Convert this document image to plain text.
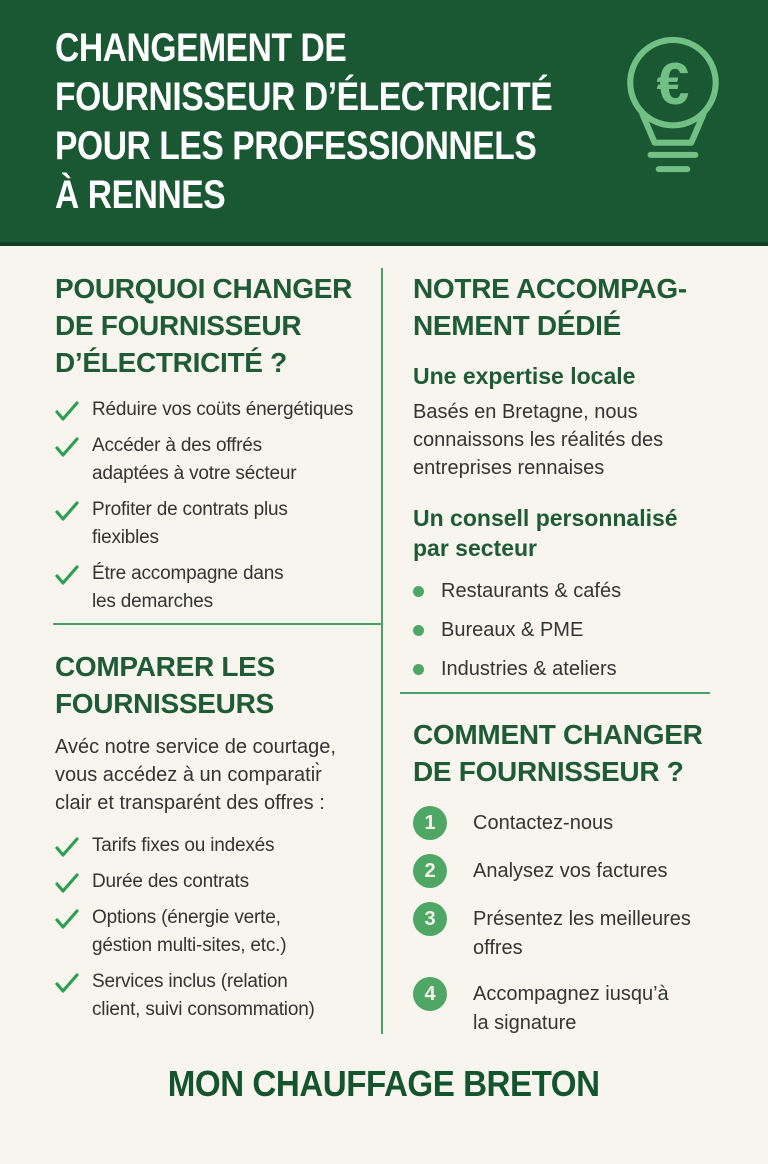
CHANGEMENT DE
FOURNISSEUR D’ÉLECTRICITÉ
POUR LES PROFESSIONNELS
À RENNES
€
POURQUOI CHANGER
DE FOURNISSEUR
D’ÉLECTRICITÉ ?
Réduire vos coüts énergétiques
Accéder à des offrés
adaptées à votre sécteur
Profiter de contrats plus
fiexibles
Étre accompagne dans
les demarches
COMPARER LES
FOURNISSEURS
Avéc notre service de courtage,
vous accédez à un comparatir̀
clair et transparént des offres :
Tarifs fixes ou indexés
Durée des contrats
Options (énergie verte,
géstion multi-sites, etc.)
Services inclus (relation
client, suivi consommation)
NOTRE ACCOMPAG-
NEMENT DÉDIÉ
Une expertise locale
Basés en Bretagne, nous
connaissons les réalités des
entreprises rennaises
Un consell personnalisé
par secteur
Restaurants & cafés
Bureaux & PME
Industries & ateliers
COMMENT CHANGER
DE FOURNISSEUR ?
1	Contactez-nous
2	Analysez vos factures
3	Présentez les meilleures
offres
4	Accompagnez iusqu’à
la signature
MON CHAUFFAGE BRETON
